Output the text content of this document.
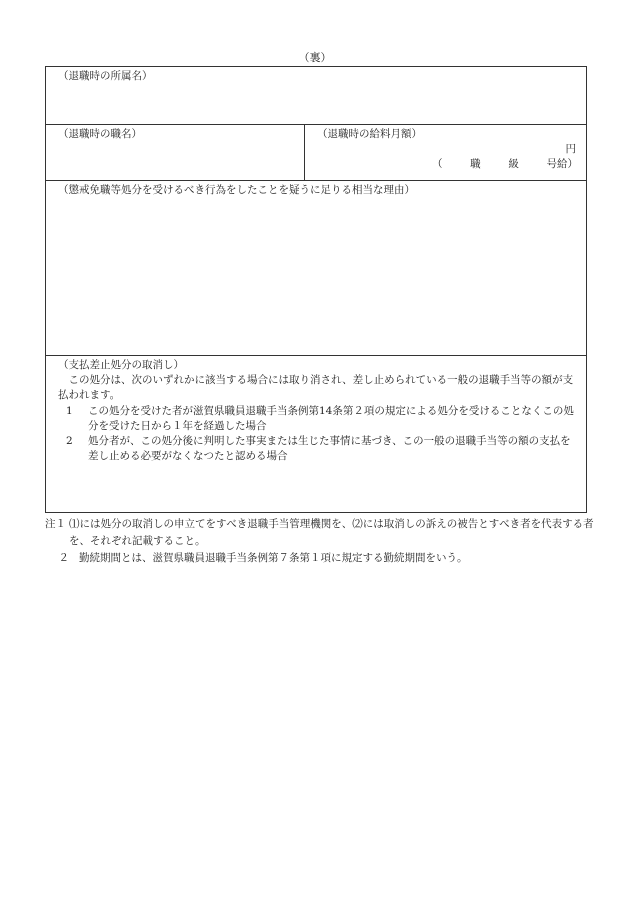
（裏）
（退職時の所属名）

（退職時の職名）	（退職時の給料月額）
円
（	職	級	号給）

（懲戒免職等処分を受けるべき行為をしたことを疑うに足りる相当な理由）

（支払差止処分の取消し）
この処分は、次のいずれかに該当する場合には取り消され、差し止められている一般の退職手当等の額が支払われます。
1	この処分を受けた者が滋賀県職員退職手当条例第14条第２項の規定による処分を受けることなくこの処分を受けた日から１年を経過した場合
2	処分者が、この処分後に判明した事実または生じた事情に基づき、この一般の退職手当等の額の支払を差し止める必要がなくなつたと認める場合
注１ ⑴には処分の取消しの申立てをすべき退職手当管理機関を、⑵には取消しの訴えの被告とすべき者を代表する者を、それぞれ記載すること。
２ 勤続期間とは、滋賀県職員退職手当条例第７条第１項に規定する勤続期間をいう。
